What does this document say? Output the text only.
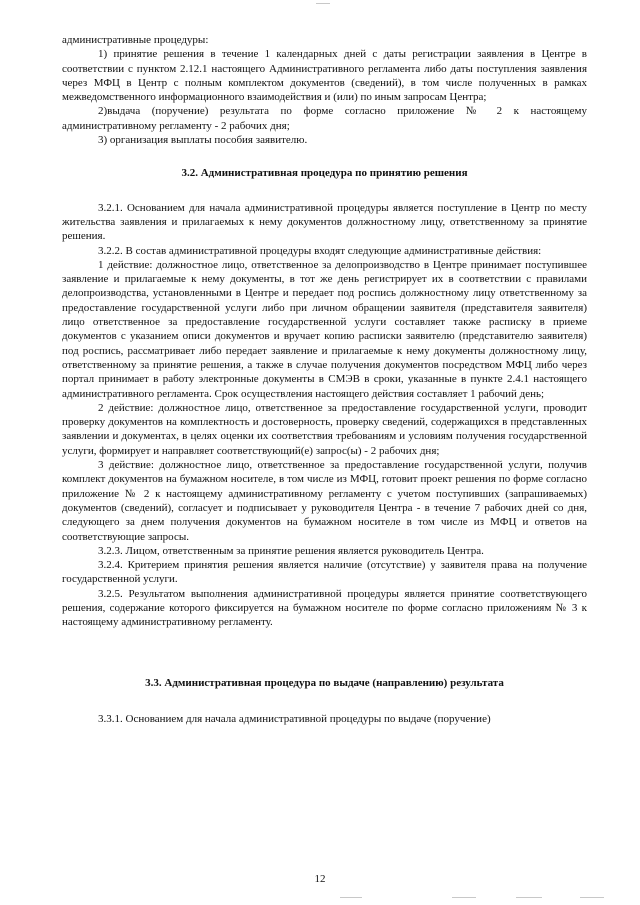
административные процедуры:

1) принятие решения в течение 1 календарных дней с даты регистрации заявления в Центре в соответствии с пунктом 2.12.1 настоящего Административного регламента либо даты поступления заявления через МФЦ в Центр с полным комплектом документов (сведений), в том числе полученных в рамках межведомственного информационного взаимодействия и (или) по иным запросам Центра;

2)выдача (поручение) результата по форме согласно приложение № 2 к настоящему административному регламенту - 2 рабочих дня;

3) организация выплаты пособия заявителю.

3.2. Административная процедура по принятию решения

3.2.1. Основанием для начала административной процедуры является поступление в Центр по месту жительства заявления и прилагаемых к нему документов должностному лицу, ответственному за принятие решения.

3.2.2. В состав административной процедуры входят следующие административные действия:

1 действие: должностное лицо, ответственное за делопроизводство в Центре принимает поступившее заявление и прилагаемые к нему документы, в тот же день регистрирует их в соответствии с правилами делопроизводства, установленными в Центре и передает под роспись должностному лицу ответственному за предоставление государственной услуги либо при личном обращении заявителя (представителя заявителя) лицо ответственное за предоставление государственной услуги составляет также расписку в приеме документов с указанием описи документов и вручает копию расписки заявителю (представителю заявителя) под роспись, рассматривает либо передает заявление и прилагаемые к нему документы должностному лицу, ответственному за принятие решения, а также в случае получения документов посредством МФЦ либо через портал принимает в работу электронные документы в СМЭВ в сроки, указанные в пункте 2.4.1 настоящего административного регламента. Срок осуществления настоящего действия составляет 1 рабочий день;

2 действие: должностное лицо, ответственное за предоставление государственной услуги, проводит проверку документов на комплектность и достоверность, проверку сведений, содержащихся в представленных заявлении и документах, в целях оценки их соответствия требованиям и условиям получения государственной услуги, формирует и направляет соответствующий(е) запрос(ы) - 2 рабочих дня;

3 действие: должностное лицо, ответственное за предоставление государственной услуги, получив комплект документов на бумажном носителе, в том числе из МФЦ, готовит проект решения по форме согласно приложение № 2 к настоящему административному регламенту с учетом поступивших (запрашиваемых) документов (сведений), согласует и подписывает у руководителя Центра - в течение 7 рабочих дней со дня, следующего за днем получения документов на бумажном носителе в том числе из МФЦ и ответов на соответствующие запросы.

3.2.3. Лицом, ответственным за принятие решения является руководитель Центра.

3.2.4. Критерием принятия решения является наличие (отсутствие) у заявителя права на получение государственной услуги.

3.2.5. Результатом выполнения административной процедуры является принятие соответствующего решения, содержание которого фиксируется на бумажном носителе по форме согласно приложениям № 3 к настоящему административному регламенту.

3.3. Административная процедура по выдаче (направлению) результата

3.3.1. Основанием для начала административной процедуры по выдаче (поручение)

12
